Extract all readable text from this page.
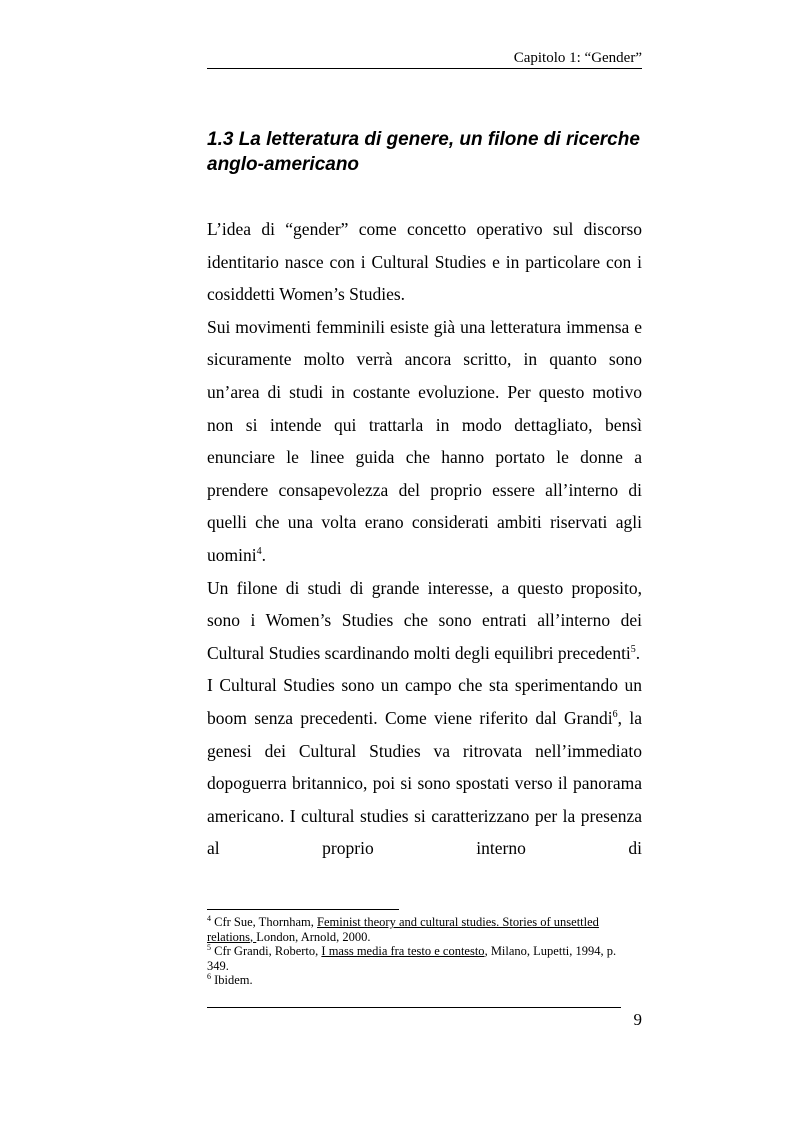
Capitolo 1: “Gender”
1.3 La letteratura di genere, un filone di ricerche anglo-americano

L’idea di “gender” come concetto operativo sul discorso identitario nasce con i Cultural Studies e in particolare con i cosiddetti Women’s Studies.

Sui movimenti femminili esiste già una letteratura immensa e sicuramente molto verrà ancora scritto, in quanto sono un’area di studi in costante evoluzione. Per questo motivo non si intende qui trattarla in modo dettagliato, bensì enunciare le linee guida che hanno portato le donne a prendere consapevolezza del proprio essere all’interno di quelli che una volta erano considerati ambiti riservati agli uomini$^4$.

Un filone di studi di grande interesse, a questo proposito, sono i Women’s Studies che sono entrati all’interno dei Cultural Studies scardinando molti degli equilibri precedenti$^5$.

I Cultural Studies sono un campo che sta sperimentando un boom senza precedenti. Come viene riferito dal Grandi$^6$, la genesi dei Cultural Studies va ritrovata nell’immediato dopoguerra britannico, poi si sono spostati verso il panorama americano. I cultural studies si caratterizzano per la presenza al proprio interno di

$^4$ Cfr Sue, Thornham, Feminist theory and cultural studies. Stories of unsettled relations, London, Arnold, 2000.

$^5$ Cfr Grandi, Roberto, I mass media fra testo e contesto, Milano, Lupetti, 1994, p. 349.

$^6$ Ibidem.

9
